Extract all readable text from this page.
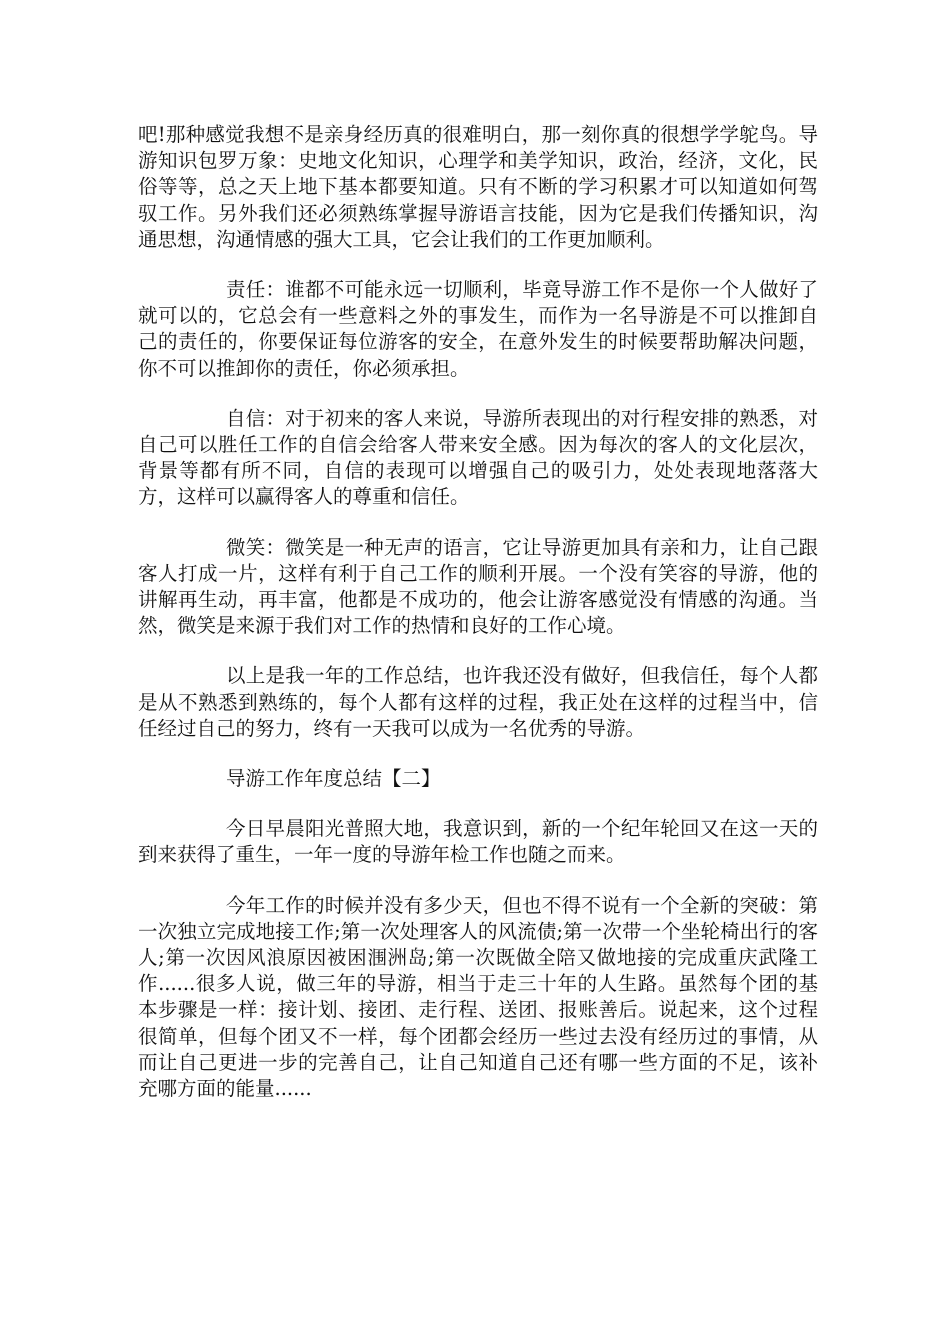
吧!那种感觉我想不是亲身经历真的很难明白，那一刻你真的很想学学鸵鸟。导游知识包罗万象：史地文化知识，心理学和美学知识，政治，经济，文化，民俗等等，总之天上地下基本都要知道。只有不断的学习积累才可以知道如何驾驭工作。另外我们还必须熟练掌握导游语言技能，因为它是我们传播知识，沟通思想，沟通情感的强大工具，它会让我们的工作更加顺利。

责任：谁都不可能永远一切顺利，毕竟导游工作不是你一个人做好了就可以的，它总会有一些意料之外的事发生，而作为一名导游是不可以推卸自己的责任的，你要保证每位游客的安全，在意外发生的时候要帮助解决问题，你不可以推卸你的责任，你必须承担。

自信：对于初来的客人来说，导游所表现出的对行程安排的熟悉，对自己可以胜任工作的自信会给客人带来安全感。因为每次的客人的文化层次，背景等都有所不同，自信的表现可以增强自己的吸引力，处处表现地落落大方，这样可以赢得客人的尊重和信任。

微笑：微笑是一种无声的语言，它让导游更加具有亲和力，让自己跟客人打成一片，这样有利于自己工作的顺利开展。一个没有笑容的导游，他的讲解再生动，再丰富，他都是不成功的，他会让游客感觉没有情感的沟通。当然，微笑是来源于我们对工作的热情和良好的工作心境。

以上是我一年的工作总结，也许我还没有做好，但我信任，每个人都是从不熟悉到熟练的，每个人都有这样的过程，我正处在这样的过程当中，信任经过自己的努力，终有一天我可以成为一名优秀的导游。

导游工作年度总结【二】

今日早晨阳光普照大地，我意识到，新的一个纪年轮回又在这一天的到来获得了重生，一年一度的导游年检工作也随之而来。

今年工作的时候并没有多少天，但也不得不说有一个全新的突破：第一次独立完成地接工作;第一次处理客人的风流债;第一次带一个坐轮椅出行的客人;第一次因风浪原因被困涠洲岛;第一次既做全陪又做地接的完成重庆武隆工作......很多人说，做三年的导游，相当于走三十年的人生路。虽然每个团的基本步骤是一样：接计划、接团、走行程、送团、报账善后。说起来，这个过程很简单，但每个团又不一样，每个团都会经历一些过去没有经历过的事情，从而让自己更进一步的完善自己，让自己知道自己还有哪一些方面的不足，该补充哪方面的能量......
